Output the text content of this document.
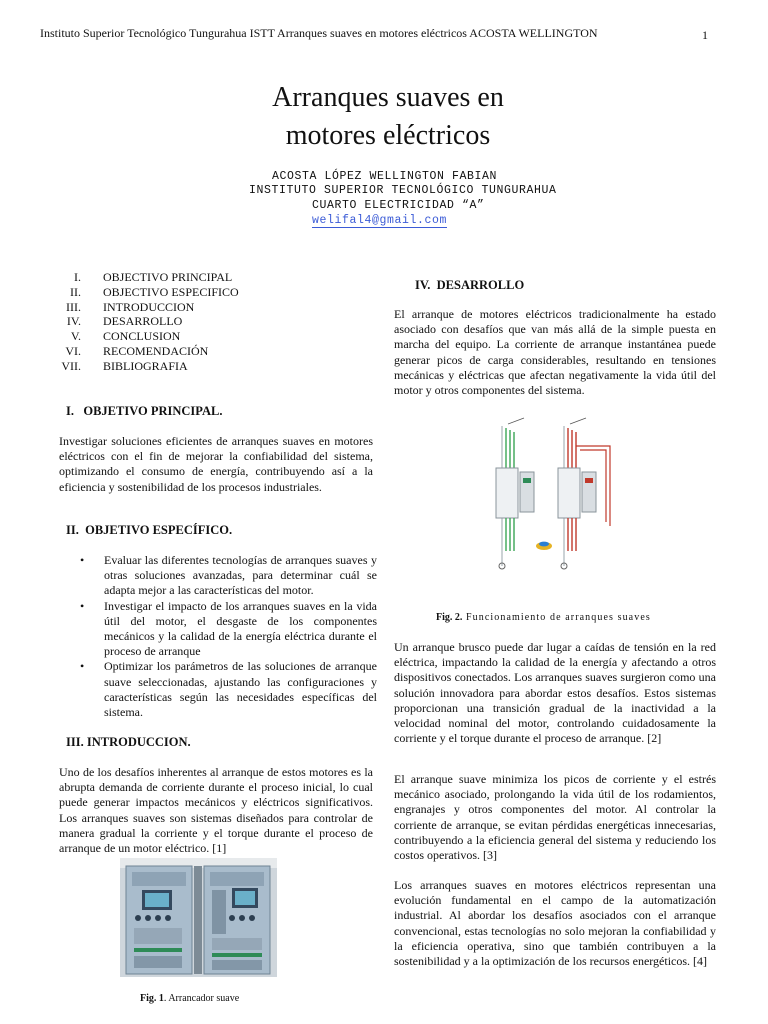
Instituto Superior Tecnológico Tungurahua ISTT Arranques suaves en motores eléctricos ACOSTA WELLINGTON	1
Arranques suaves en
motores eléctricos
ACOSTA LÓPEZ WELLINGTON FABIAN
INSTITUTO SUPERIOR TECNOLÓGICO TUNGURAHUA
CUARTO ELECTRICIDAD “A”
welifal4@gmail.com
I. OBJECTIVO PRINCIPAL
II. OBJECTIVO ESPECIFICO
III. INTRODUCCION
IV. DESARROLLO
V. CONCLUSION
VI. RECOMENDACIÓN
VII. BIBLIOGRAFIA
I.   OBJETIVO PRINCIPAL.
Investigar soluciones eficientes de arranques suaves en motores eléctricos con el fin de mejorar la confiabilidad del sistema, optimizando el consumo de energía, contribuyendo así a la eficiencia y sostenibilidad de los procesos industriales.
II.  OBJETIVO ESPECÍFICO.
•	Evaluar las diferentes tecnologías de arranques suaves y otras soluciones avanzadas, para determinar cuál se adapta mejor a las características del motor.
•	Investigar el impacto de los arranques suaves en la vida útil del motor, el desgaste de los componentes mecánicos y la calidad de la energía eléctrica durante el proceso de arranque
•	Optimizar los parámetros de las soluciones de arranque suave seleccionadas, ajustando las configuraciones y características según las necesidades específicas del sistema.
III. INTRODUCCION.
Uno de los desafíos inherentes al arranque de estos motores es la abrupta demanda de corriente durante el proceso inicial, lo cual puede generar impactos mecánicos y eléctricos significativos. Los arranques suaves son sistemas diseñados para controlar de manera gradual la corriente y el torque durante el proceso de arranque de un motor eléctrico. [1]
Fig. 1. Arrancador suave
IV.  DESARROLLO
El arranque de motores eléctricos tradicionalmente ha estado asociado con desafíos que van más allá de la simple puesta en marcha del equipo. La corriente de arranque instantánea puede generar picos de carga considerables, resultando en tensiones mecánicas y eléctricas que afectan negativamente la vida útil del motor y otros componentes del sistema.
Fig. 2. Funcionamiento de arranques suaves
Un arranque brusco puede dar lugar a caídas de tensión en la red eléctrica, impactando la calidad de la energía y afectando a otros dispositivos conectados. Los arranques suaves surgieron como una solución innovadora para abordar estos desafíos. Estos sistemas proporcionan una transición gradual de la inactividad a la velocidad nominal del motor, controlando cuidadosamente la corriente y el torque durante el proceso de arranque. [2]
El arranque suave minimiza los picos de corriente y el estrés mecánico asociado, prolongando la vida útil de los rodamientos, engranajes y otros componentes del motor. Al controlar la corriente de arranque, se evitan pérdidas energéticas innecesarias, contribuyendo a la eficiencia general del sistema y reduciendo los costos operativos. [3]
Los arranques suaves en motores eléctricos representan una evolución fundamental en el campo de la automatización industrial. Al abordar los desafíos asociados con el arranque convencional, estas tecnologías no solo mejoran la confiabilidad y la eficiencia operativa, sino que también contribuyen a la sostenibilidad y a la optimización de los recursos energéticos. [4]
